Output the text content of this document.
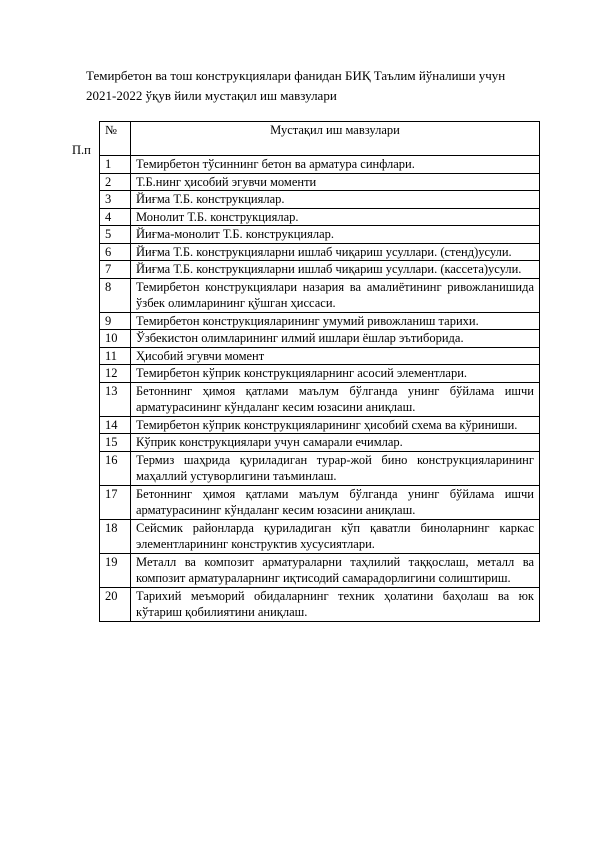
Темирбетон ва тош конструкциялари фанидан БИҚ Таълим йўналиши учун
2021-2022 ўқув йили мустақил иш мавзулари
П.п
№	Мустақил иш мавзулари
1	Темирбетон тўсиннинг бетон ва арматура синфлари.
2	Т.Б.нинг ҳисобий эгувчи моменти
3	Йиғма Т.Б. конструкциялар.
4	Монолит Т.Б. конструкциялар.
5	Йиғма-монолит Т.Б. конструкциялар.
6	Йиғма Т.Б. конструкцияларни ишлаб чиқариш усуллари. (стенд)усули.
7	Йиғма Т.Б. конструкцияларни ишлаб чиқариш усуллари. (кассета)усули.
8	Темирбетон конструкциялари назария ва амалиётининг ривожланишида ўзбек олимларининг қўшган ҳиссаси.
9	Темирбетон конструкцияларининг умумий ривожланиш тарихи.
10	Ўзбекистон олимларининг илмий ишлари ёшлар эътиборида.
11	Ҳисобий эгувчи момент
12	Темирбетон кўприк конструкцияларнинг асосий элементлари.
13	Бетоннинг ҳимоя қатлами маълум бўлганда унинг бўйлама ишчи арматурасининг кўндаланг кесим юзасини аниқлаш.
14	Темирбетон кўприк конструкцияларининг ҳисобий схема ва кўриниши.
15	Кўприк конструкциялари учун самарали ечимлар.
16	Термиз шаҳрида қуриладиган турар-жой бино конструкцияларининг маҳаллий устуворлигини таъминлаш.
17	Бетоннинг ҳимоя қатлами маълум бўлганда унинг бўйлама ишчи арматурасининг кўндаланг кесим юзасини аниқлаш.
18	Сейсмик районларда қуриладиган кўп қаватли биноларнинг каркас элементларининг конструктив хусусиятлари.
19	Металл ва композит арматураларни таҳлилий таққослаш, металл ва композит арматураларнинг иқтисодий самарадорлигини солиштириш.
20	Тарихий меъморий обидаларнинг техник ҳолатини баҳолаш ва юк кўтариш қобилиятини аниқлаш.
